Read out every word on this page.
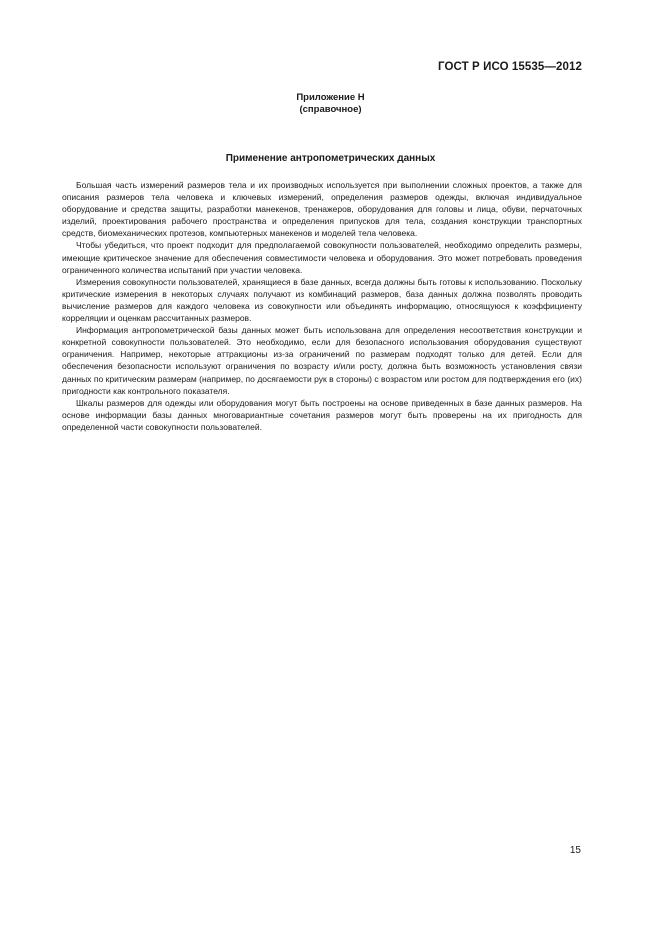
ГОСТ Р ИСО 15535—2012
Приложение Н
(справочное)
Применение антропометрических данных

Большая часть измерений размеров тела и их производных используется при выполнении сложных проектов, а также для описания размеров тела человека и ключевых измерений, определения размеров одежды, включая индивидуальное оборудование и средства защиты, разработки манекенов, тренажеров, оборудования для головы и лица, обуви, перчаточных изделий, проектирования рабочего пространства и определения припусков для тела, создания конструкции транспортных средств, биомеханических протезов, компьютерных манекенов и моделей тела человека.

Чтобы убедиться, что проект подходит для предполагаемой совокупности пользователей, необходимо определить размеры, имеющие критическое значение для обеспечения совместимости человека и оборудования. Это может потребовать проведения ограниченного количества испытаний при участии человека.

Измерения совокупности пользователей, хранящиеся в базе данных, всегда должны быть готовы к использованию. Поскольку критические измерения в некоторых случаях получают из комбинаций размеров, база данных должна позволять проводить вычисление размеров для каждого человека из совокупности или объединять информацию, относящуюся к коэффициенту корреляции и оценкам рассчитанных размеров.

Информация антропометрической базы данных может быть использована для определения несоответствия конструкции и конкретной совокупности пользователей. Это необходимо, если для безопасного использования оборудования существуют ограничения. Например, некоторые аттракционы из-за ограничений по размерам подходят только для детей. Если для обеспечения безопасности используют ограничения по возрасту и/или росту, должна быть возможность установления связи данных по критическим размерам (например, по досягаемости рук в стороны) с возрастом или ростом для подтверждения его (их) пригодности как контрольного показателя.

Шкалы размеров для одежды или оборудования могут быть построены на основе приведенных в базе данных размеров. На основе информации базы данных многовариантные сочетания размеров могут быть проверены на их пригодность для определенной части совокупности пользователей.

15
